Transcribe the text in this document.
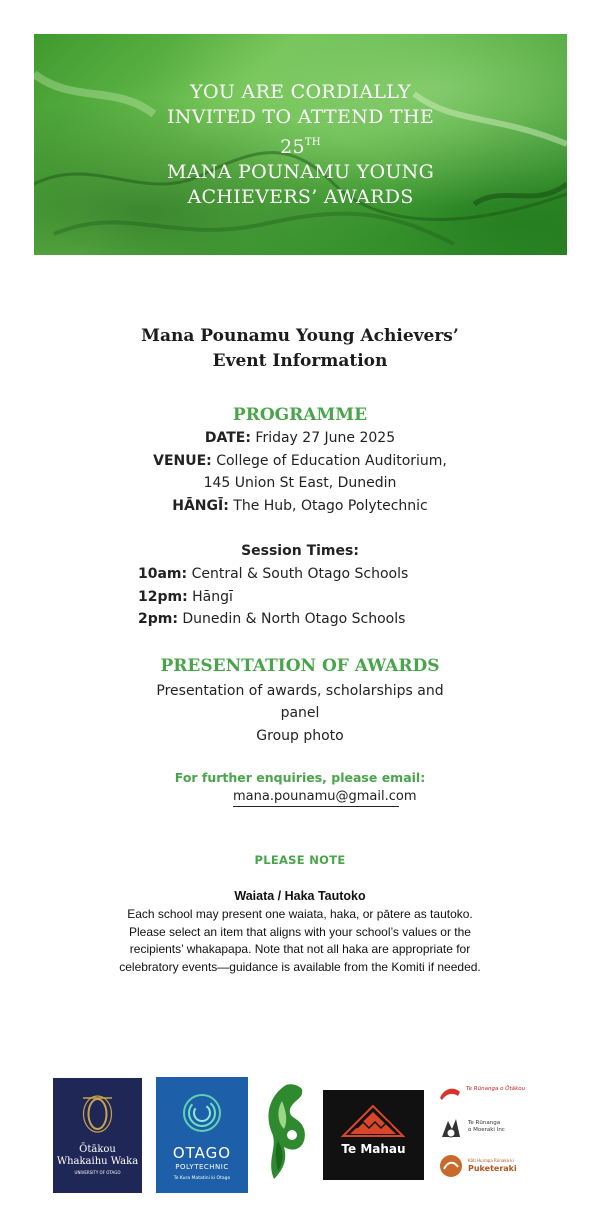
YOU ARE CORDIALLY
INVITED TO ATTEND THE
25TH
MANA POUNAMU YOUNG
ACHIEVERS’ AWARDS
Mana Pounamu Young Achievers’
Event Information
PROGRAMME
DATE: Friday 27 June 2025
VENUE: College of Education Auditorium,
145 Union St East, Dunedin
HĀNGĪ: The Hub, Otago Polytechnic
Session Times:
10am: Central & South Otago Schools
12pm: Hāngī
2pm: Dunedin & North Otago Schools
PRESENTATION OF AWARDS
Presentation of awards, scholarships and
panel
Group photo
For further enquiries, please email:
mana.pounamu@gmail.com
PLEASE NOTE
Waiata / Haka Tautoko
Each school may present one waiata, haka, or pātere as tautoko.
Please select an item that aligns with your school’s values or the
recipients’ whakapapa. Note that not all haka are appropriate for
celebratory events—guidance is available from the Komiti if needed.
Ōtākou
Whakaihu Waka
UNIVERSITY OF OTAGO
OTAGO
POLYTECHNIC
Te Kura Matatini ki Otago
Te Mahau
Te Rūnanga o Ōtākou
Te Rūnanga
o Moeraki Inc
Kāti Huirapa Rūnaka ki
Puketeraki
